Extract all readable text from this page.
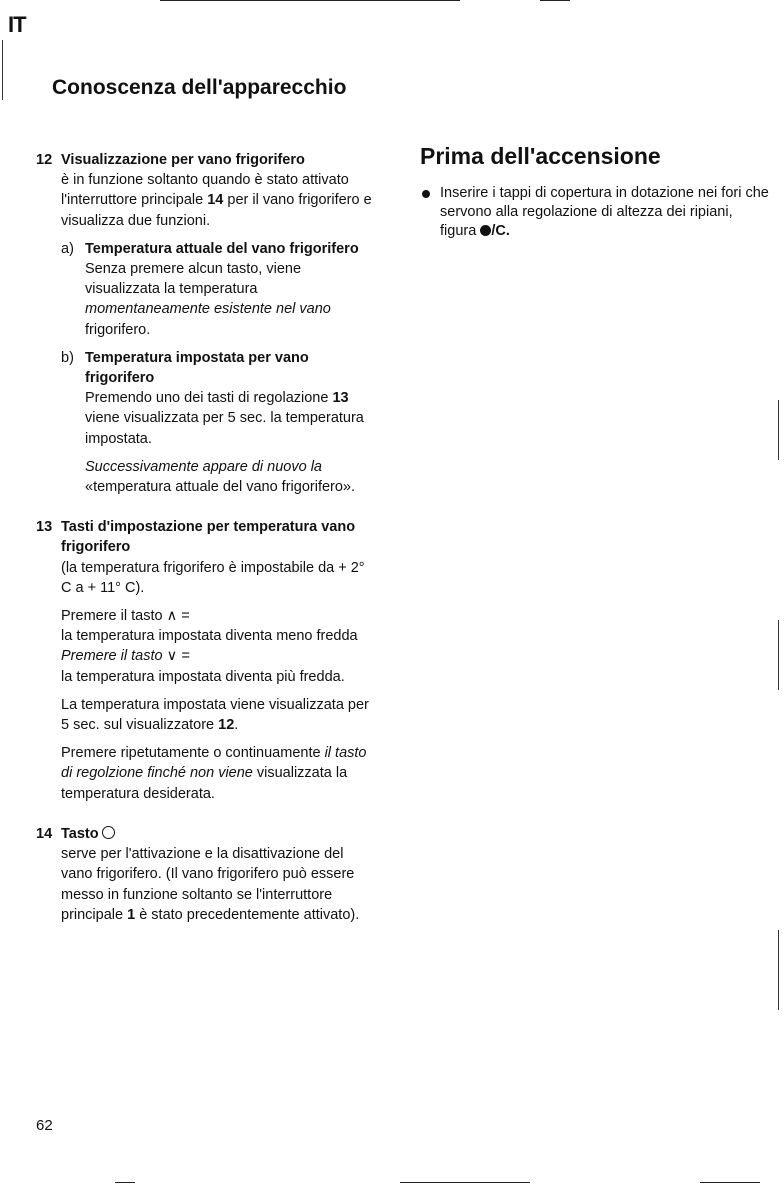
IT
Conoscenza dell'apparecchio
12 Visualizzazione per vano frigorifero
è in funzione soltanto quando è stato attivato l'interruttore principale 14 per il vano frigorifero e visualizza due funzioni.
a) Temperatura attuale del vano frigorifero
Senza premere alcun tasto, viene visualizzata la temperatura momentaneamente esistente nel vano frigorifero.
b) Temperatura impostata per vano frigorifero
Premendo uno dei tasti di regolazione 13 viene visualizzata per 5 sec. la temperatura impostata.
Successivamente appare di nuovo la «temperatura attuale del vano frigorifero».
13 Tasti d'impostazione per temperatura vano frigorifero
(la temperatura frigorifero è impostabile da + 2° C a + 11° C).
Premere il tasto ∧ =
la temperatura impostata diventa meno fredda
Premere il tasto ∨ =
la temperatura impostata diventa più fredda.
La temperatura impostata viene visualizzata per 5 sec. sul visualizzatore 12.
Premere ripetutamente o continuamente il tasto di regolzione finché non viene visualizzata la temperatura desiderata.
14 Tasto
serve per l'attivazione e la disattivazione del vano frigorifero. (Il vano frigorifero può essere messo in funzione soltanto se l'interruttore principale 1 è stato precedentemente attivato).
Prima dell'accensione
Inserire i tappi di copertura in dotazione nei fori che servono alla regolazione di altezza dei ripiani, figura /C.
62
